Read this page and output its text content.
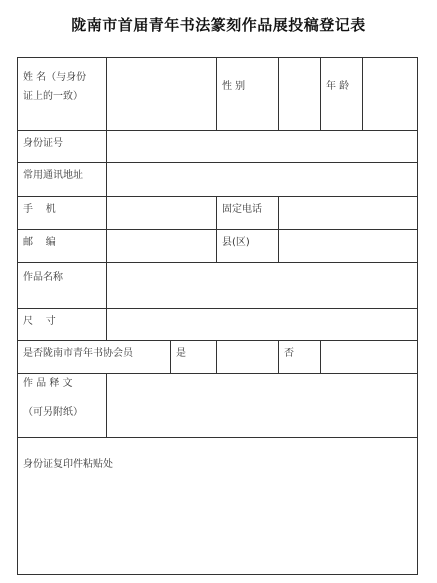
陇南市首届青年书法篆刻作品展投稿登记表
姓 名（与身份
证上的一致）			性 别		年 龄	

身份证号						

常用通讯地址						

手    机			固定电话			

邮    编			县(区)			

作品名称						

尺    寸						

是否陇南市青年书协会员		是		否		

作 品 释 文
（可另附纸）						

身份证复印件粘贴处						
